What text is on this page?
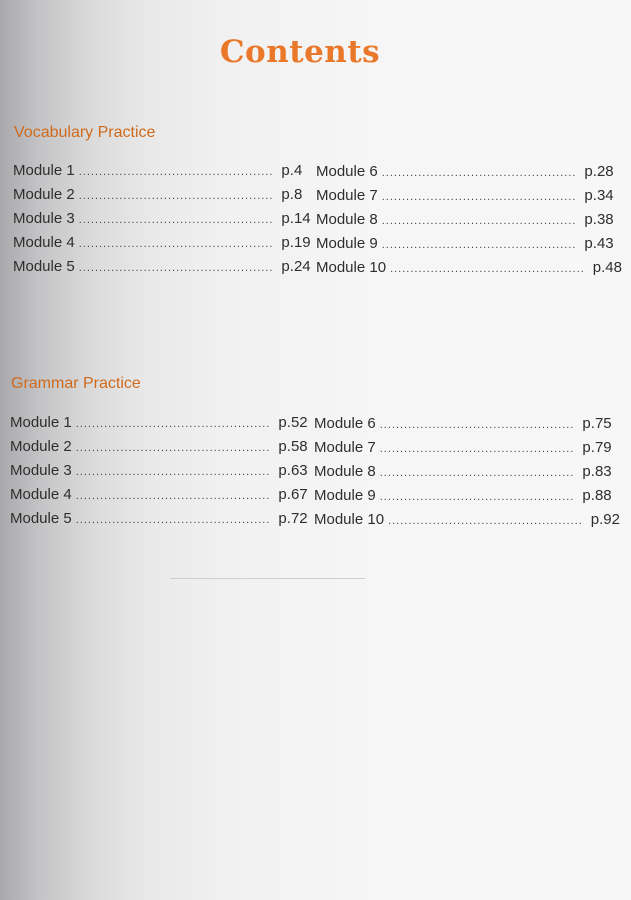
Contents
Vocabulary Practice
Module 1 ................................................ p. 4
Module 2 ................................................ p. 8
Module 3 ................................................ p. 14
Module 4 ................................................ p. 19
Module 5 ................................................ p. 24
Module 6 ................................................ p. 28
Module 7 ................................................ p. 34
Module 8 ................................................ p. 38
Module 9 ................................................ p. 43
Module 10 ................................................ p. 48
Grammar Practice
Module 1 ................................................ p. 52
Module 2 ................................................ p. 58
Module 3 ................................................ p. 63
Module 4 ................................................ p. 67
Module 5 ................................................ p. 72
Module 6 ................................................ p. 75
Module 7 ................................................ p. 79
Module 8 ................................................ p. 83
Module 9 ................................................ p. 88
Module 10 ................................................ p. 92
